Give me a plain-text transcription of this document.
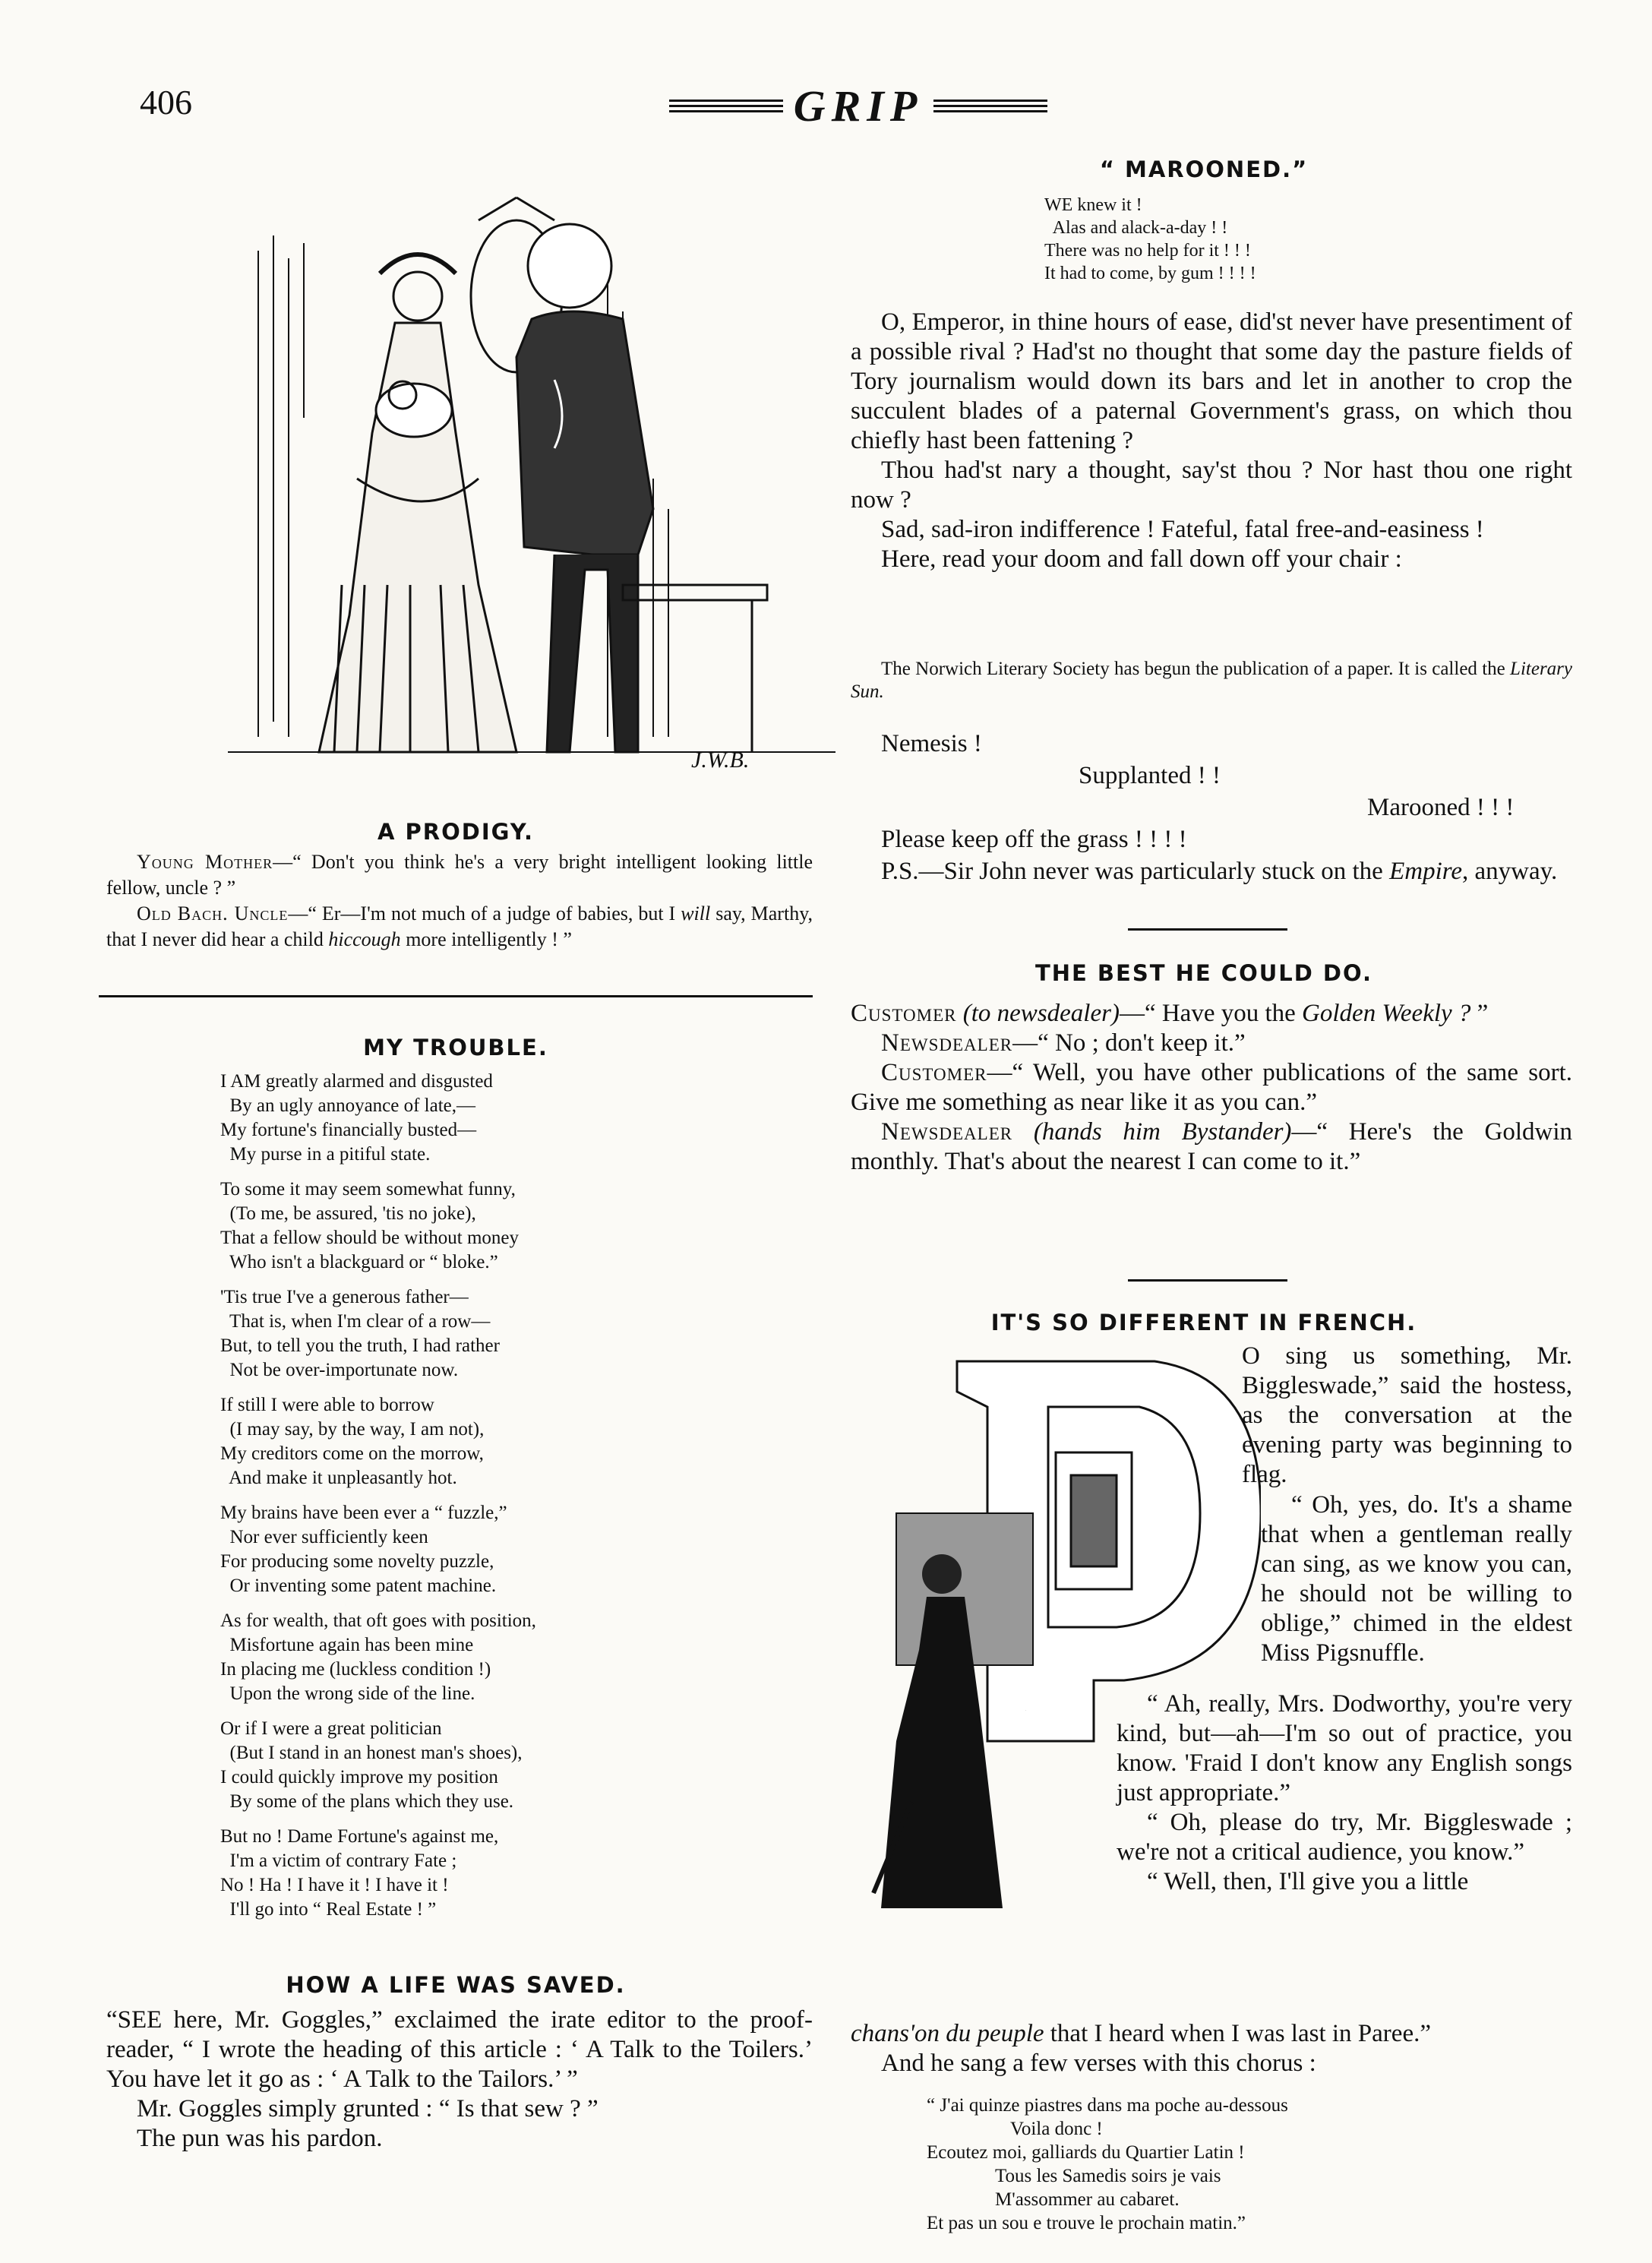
406	GRIP
J.W.B.
A PRODIGY.

Young Mother—“ Don't you think he's a very bright intelligent looking little fellow, uncle ? ”

Old Bach. Uncle—“ Er—I'm not much of a judge of babies, but I will say, Marthy, that I never did hear a child hiccough more intelligently ! ”

MY TROUBLE.

I AM greatly alarmed and disgusted
By an ugly annoyance of late,—
My fortune's financially busted—
My purse in a pitiful state.

To some it may seem somewhat funny,
(To me, be assured, 'tis no joke),
That a fellow should be without money
Who isn't a blackguard or “ bloke.”

'Tis true I've a generous father—
That is, when I'm clear of a row—
But, to tell you the truth, I had rather
Not be over-importunate now.

If still I were able to borrow
(I may say, by the way, I am not),
My creditors come on the morrow,
And make it unpleasantly hot.

My brains have been ever a “ fuzzle,”
Nor ever sufficiently keen
For producing some novelty puzzle,
Or inventing some patent machine.

As for wealth, that oft goes with position,
Misfortune again has been mine
In placing me (luckless condition !)
Upon the wrong side of the line.

Or if I were a great politician
(But I stand in an honest man's shoes),
I could quickly improve my position
By some of the plans which they use.

But no ! Dame Fortune's against me,
I'm a victim of contrary Fate ;
No ! Ha ! I have it ! I have it !
I'll go into “ Real Estate ! ”

HOW A LIFE WAS SAVED.

“SEE here, Mr. Goggles,” exclaimed the irate editor to the proof-reader, “ I wrote the heading of this article : ‘ A Talk to the Toilers.’ You have let it go as : ‘ A Talk to the Tailors.’ ”

Mr. Goggles simply grunted : “ Is that sew ? ”

The pun was his pardon.

“ MAROONED.”

WE knew it !

Alas and alack-a-day ! !

There was no help for it ! ! !

It had to come, by gum ! ! ! !

O, Emperor, in thine hours of ease, did'st never have presentiment of a possible rival ? Had'st no thought that some day the pasture fields of Tory journalism would down its bars and let in another to crop the succulent blades of a paternal Government's grass, on which thou chiefly hast been fattening ?

Thou had'st nary a thought, say'st thou ? Nor hast thou one right now ?

Sad, sad-iron indifference ! Fateful, fatal free-and-easiness !

Here, read your doom and fall down off your chair :

The Norwich Literary Society has begun the publication of a paper. It is called the Literary Sun.

Nemesis !
Supplanted ! !
Marooned ! ! !
Please keep off the grass ! ! ! !

P.S.—Sir John never was particularly stuck on the Empire, anyway.

THE BEST HE COULD DO.

Customer (to newsdealer)—“ Have you the Golden Weekly ? ”

Newsdealer—“ No ; don't keep it.”

Customer—“ Well, you have other publications of the same sort. Give me something as near like it as you can.”

Newsdealer (hands him Bystander)—“ Here's the Goldwin monthly. That's about the nearest I can come to it.”

IT'S SO DIFFERENT IN FRENCH.
P
O sing us something, Mr. Biggleswade,” said the hostess, as the conversation at the evening party was beginning to flag.

“ Oh, yes, do. It's a shame that when a gentleman really can sing, as we know you can, he should not be willing to oblige,” chimed in the eldest Miss Pigsnuffle.

“ Ah, really, Mrs. Dodworthy, you're very kind, but—ah—I'm so out of practice, you know. 'Fraid I don't know any English songs just appropriate.”

“ Oh, please do try, Mr. Biggleswade ; we're not a critical audience, you know.”

“ Well, then, I'll give you a little

chans'on du peuple that I heard when I was last in Paree.”

And he sang a few verses with this chorus :

“ J'ai quinze piastres dans ma poche au-dessous

Voila donc !

Ecoutez moi, galliards du Quartier Latin !

Tous les Samedis soirs je vais

M'assommer au cabaret.

Et pas un sou e trouve le prochain matin.”
